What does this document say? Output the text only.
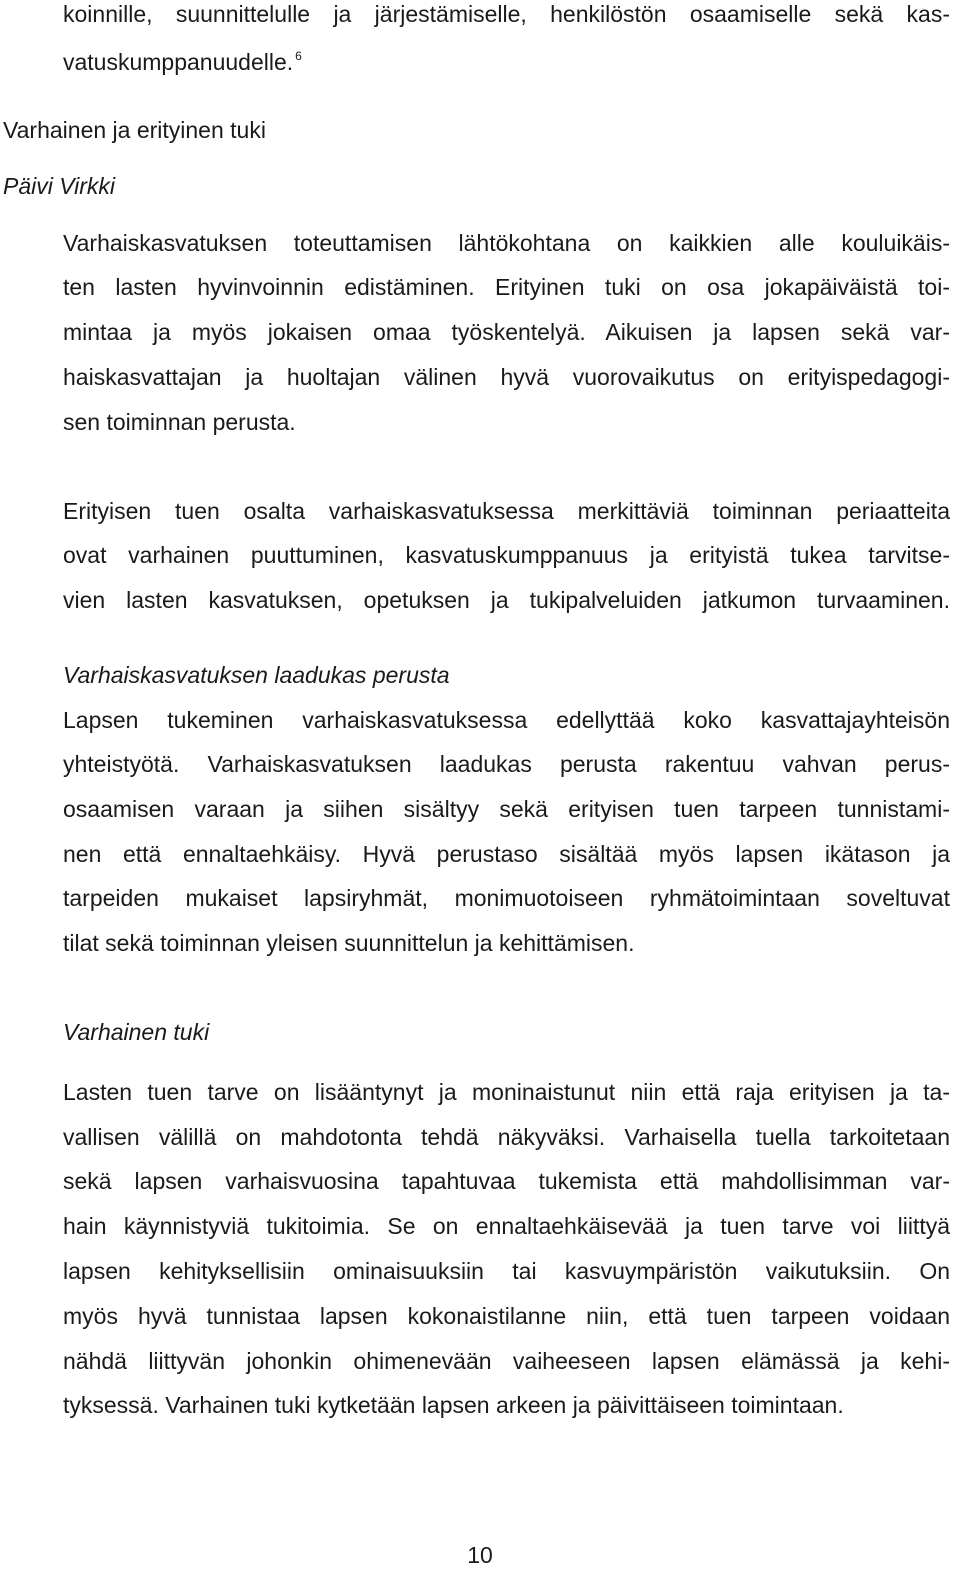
koinnille, suunnittelulle ja järjestämiselle, henkilöstön osaamiselle sekä kas-
vatuskumppanuudelle. $^6$
Varhainen ja erityinen tuki
Päivi Virkki
Varhaiskasvatuksen toteuttamisen lähtökohtana on kaikkien alle kouluikäis-
ten lasten hyvinvoinnin edistäminen. Erityinen tuki on osa jokapäiväistä toi-
mintaa ja myös jokaisen omaa työskentelyä. Aikuisen ja lapsen sekä var-
haiskasvattajan ja huoltajan välinen hyvä vuorovaikutus on erityispedagogi-
sen toiminnan perusta.
Erityisen tuen osalta varhaiskasvatuksessa merkittäviä toiminnan periaatteita
ovat varhainen puuttuminen, kasvatuskumppanuus ja erityistä tukea tarvitse-
vien lasten kasvatuksen, opetuksen ja tukipalveluiden jatkumon turvaaminen.
Varhaiskasvatuksen laadukas perusta
Lapsen tukeminen varhaiskasvatuksessa edellyttää koko kasvattajayhteisön
yhteistyötä. Varhaiskasvatuksen laadukas perusta rakentuu vahvan perus-
osaamisen varaan ja siihen sisältyy sekä erityisen tuen tarpeen tunnistami-
nen että ennaltaehkäisy. Hyvä perustaso sisältää myös lapsen ikätason ja
tarpeiden mukaiset lapsiryhmät, monimuotoiseen ryhmätoimintaan soveltuvat
tilat sekä toiminnan yleisen suunnittelun ja kehittämisen.
Varhainen tuki
Lasten tuen tarve on lisääntynyt ja moninaistunut niin että raja erityisen ja ta-
vallisen välillä on mahdotonta tehdä näkyväksi. Varhaisella tuella tarkoitetaan
sekä lapsen varhaisvuosina tapahtuvaa tukemista että mahdollisimman var-
hain käynnistyviä tukitoimia. Se on ennaltaehkäisevää ja tuen tarve voi liittyä
lapsen kehityksellisiin ominaisuuksiin tai kasvuympäristön vaikutuksiin. On
myös hyvä tunnistaa lapsen kokonaistilanne niin, että tuen tarpeen voidaan
nähdä liittyvän johonkin ohimenevään vaiheeseen lapsen elämässä ja kehi-
tyksessä. Varhainen tuki kytketään lapsen arkeen ja päivittäiseen toimintaan.
10
